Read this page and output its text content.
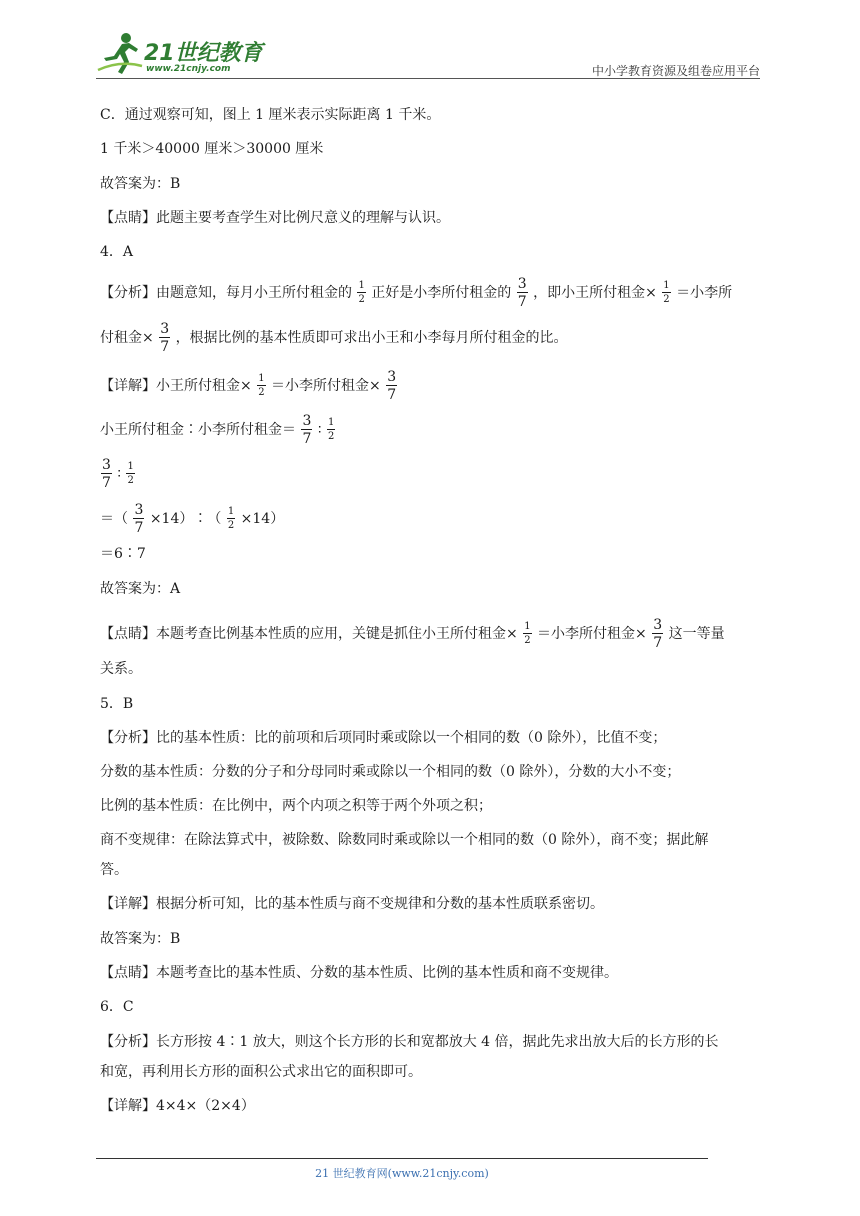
21世纪教育
www.21cnjy.com	中小学教育资源及组卷应用平台
C．通过观察可知，图上 1 厘米表示实际距离 1 千米。
1 千米＞40000 厘米＞30000 厘米
故答案为：B
【点睛】此题主要考查学生对比例尺意义的理解与认识。
4．A
【分析】由题意知，每月小王所付租金的 $\frac{1}{2}$ 正好是小李所付租金的 $\frac{3}{7}$ ，即小王所付租金× $\frac{1}{2}$ ＝小李所
付租金× $\frac{3}{7}$ ，根据比例的基本性质即可求出小王和小李每月所付租金的比。
【详解】小王所付租金× $\frac{1}{2}$ ＝小李所付租金× $\frac{3}{7}$
小王所付租金∶小李所付租金＝ $\frac{3}{7}$ ∶ $\frac{1}{2}$
$\frac{3}{7}$ ∶ $\frac{1}{2}$
＝（ $\frac{3}{7}$ ×14）∶（ $\frac{1}{2} \times 14$）
＝6∶7
故答案为：A
【点睛】本题考查比例基本性质的应用，关键是抓住小王所付租金× $\frac{1}{2}$ ＝小李所付租金× $\frac{3}{7}$ 这一等量
关系。
5．B
【分析】比的基本性质：比的前项和后项同时乘或除以一个相同的数（0 除外），比值不变；
分数的基本性质：分数的分子和分母同时乘或除以一个相同的数（0 除外），分数的大小不变；
比例的基本性质：在比例中，两个内项之积等于两个外项之积；
商不变规律：在除法算式中，被除数、除数同时乘或除以一个相同的数（0 除外），商不变；据此解
答。
【详解】根据分析可知，比的基本性质与商不变规律和分数的基本性质联系密切。
故答案为：B
【点睛】本题考查比的基本性质、分数的基本性质、比例的基本性质和商不变规律。
6．C
【分析】长方形按 4∶1 放大，则这个长方形的长和宽都放大 4 倍，据此先求出放大后的长方形的长
和宽，再利用长方形的面积公式求出它的面积即可。
【详解】4×4×（2×4）
21 世纪教育网(www.21cnjy.com)
